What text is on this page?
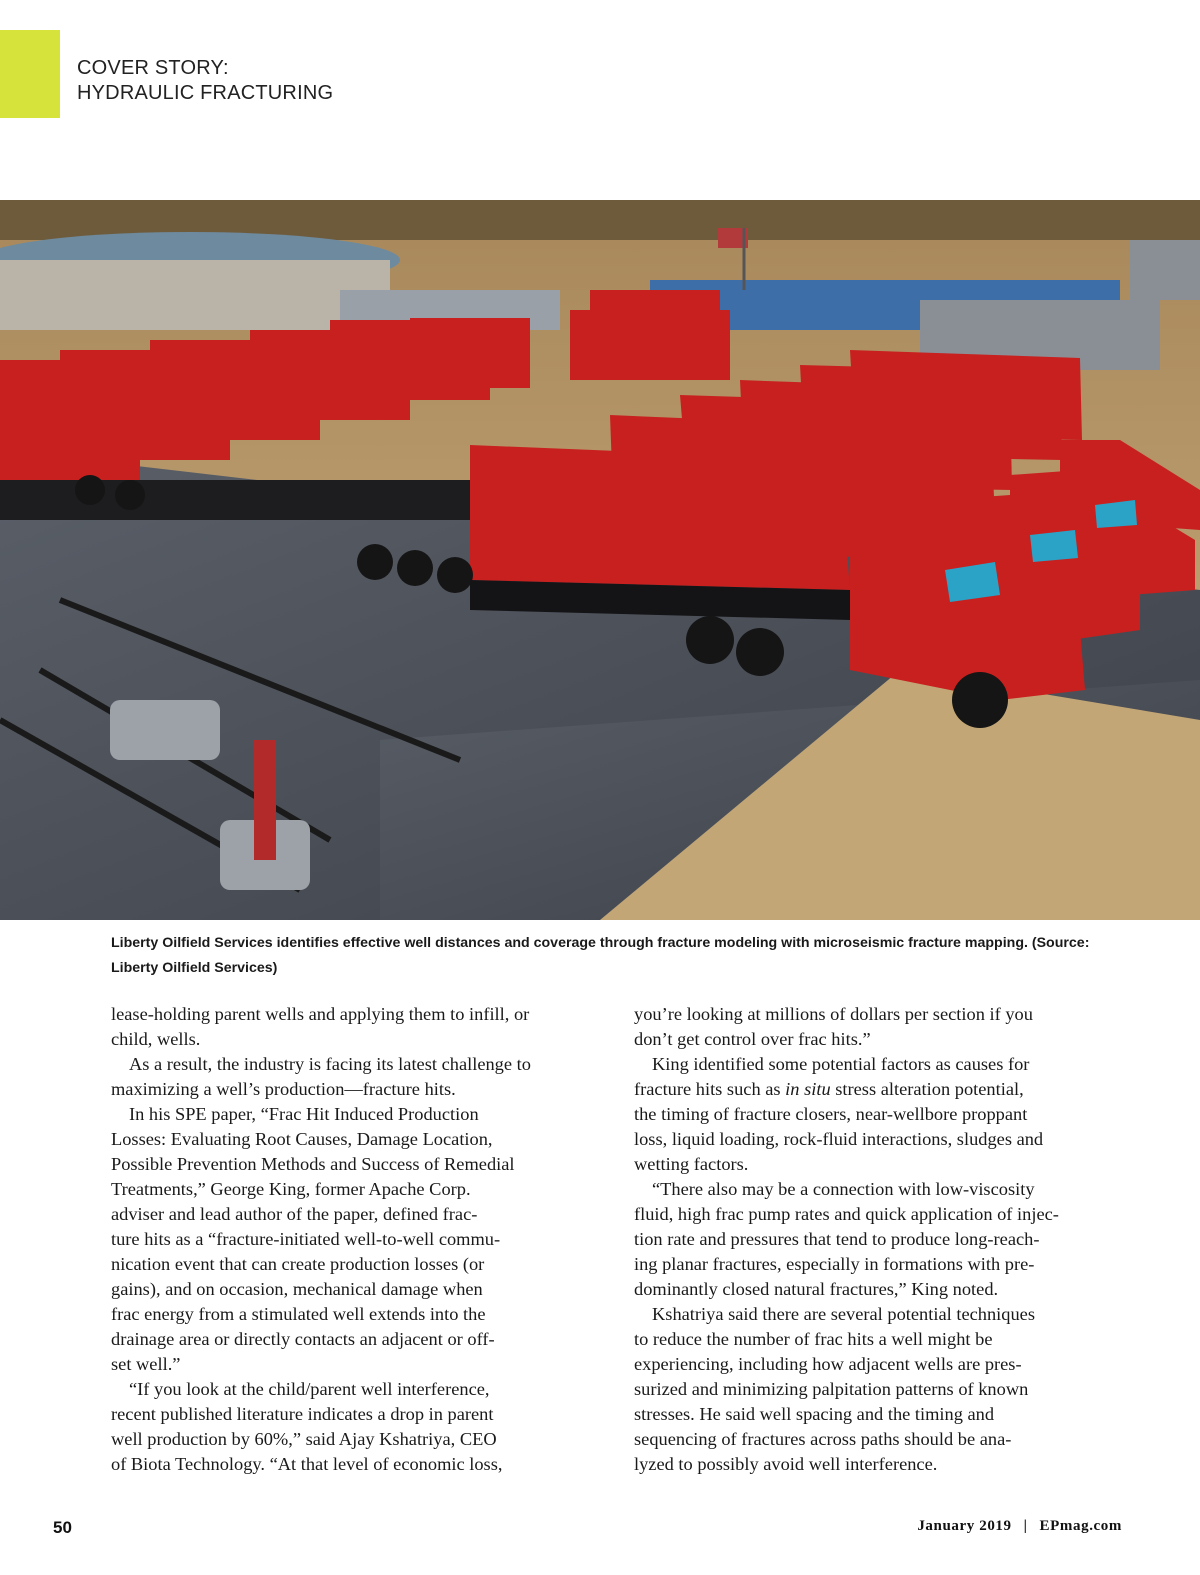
COVER STORY:
HYDRAULIC FRACTURING
Liberty Oilfield Services identifies effective well distances and coverage through fracture modeling with microseismic fracture mapping. (Source: Liberty Oilfield Services)

lease-holding parent wells and applying them to infill, or
child, wells.

As a result, the industry is facing its latest challenge to
maximizing a well’s production—fracture hits.

In his SPE paper, “Frac Hit Induced Production
Losses: Evaluating Root Causes, Damage Location,
Possible Prevention Methods and Success of Remedial
Treatments,” George King, former Apache Corp.
adviser and lead author of the paper, defined frac-
ture hits as a “fracture-initiated well-to-well commu-
nication event that can create production losses (or
gains), and on occasion, mechanical damage when
frac energy from a stimulated well extends into the
drainage area or directly contacts an adjacent or off-
set well.”

“If you look at the child/parent well interference,
recent published literature indicates a drop in parent
well production by 60%,” said Ajay Kshatriya, CEO
of Biota Technology. “At that level of economic loss,

you’re looking at millions of dollars per section if you
don’t get control over frac hits.”

King identified some potential factors as causes for
fracture hits such as in situ stress alteration potential,
the timing of fracture closers, near-wellbore proppant
loss, liquid loading, rock-fluid interactions, sludges and
wetting factors.

“There also may be a connection with low-viscosity
fluid, high frac pump rates and quick application of injec-
tion rate and pressures that tend to produce long-reach-
ing planar fractures, especially in formations with pre-
dominantly closed natural fractures,” King noted.

Kshatriya said there are several potential techniques
to reduce the number of frac hits a well might be
experiencing, including how adjacent wells are pres-
surized and minimizing palpitation patterns of known
stresses. He said well spacing and the timing and
sequencing of fractures across paths should be ana-
lyzed to possibly avoid well interference.

50	January 2019 | EPmag.com
